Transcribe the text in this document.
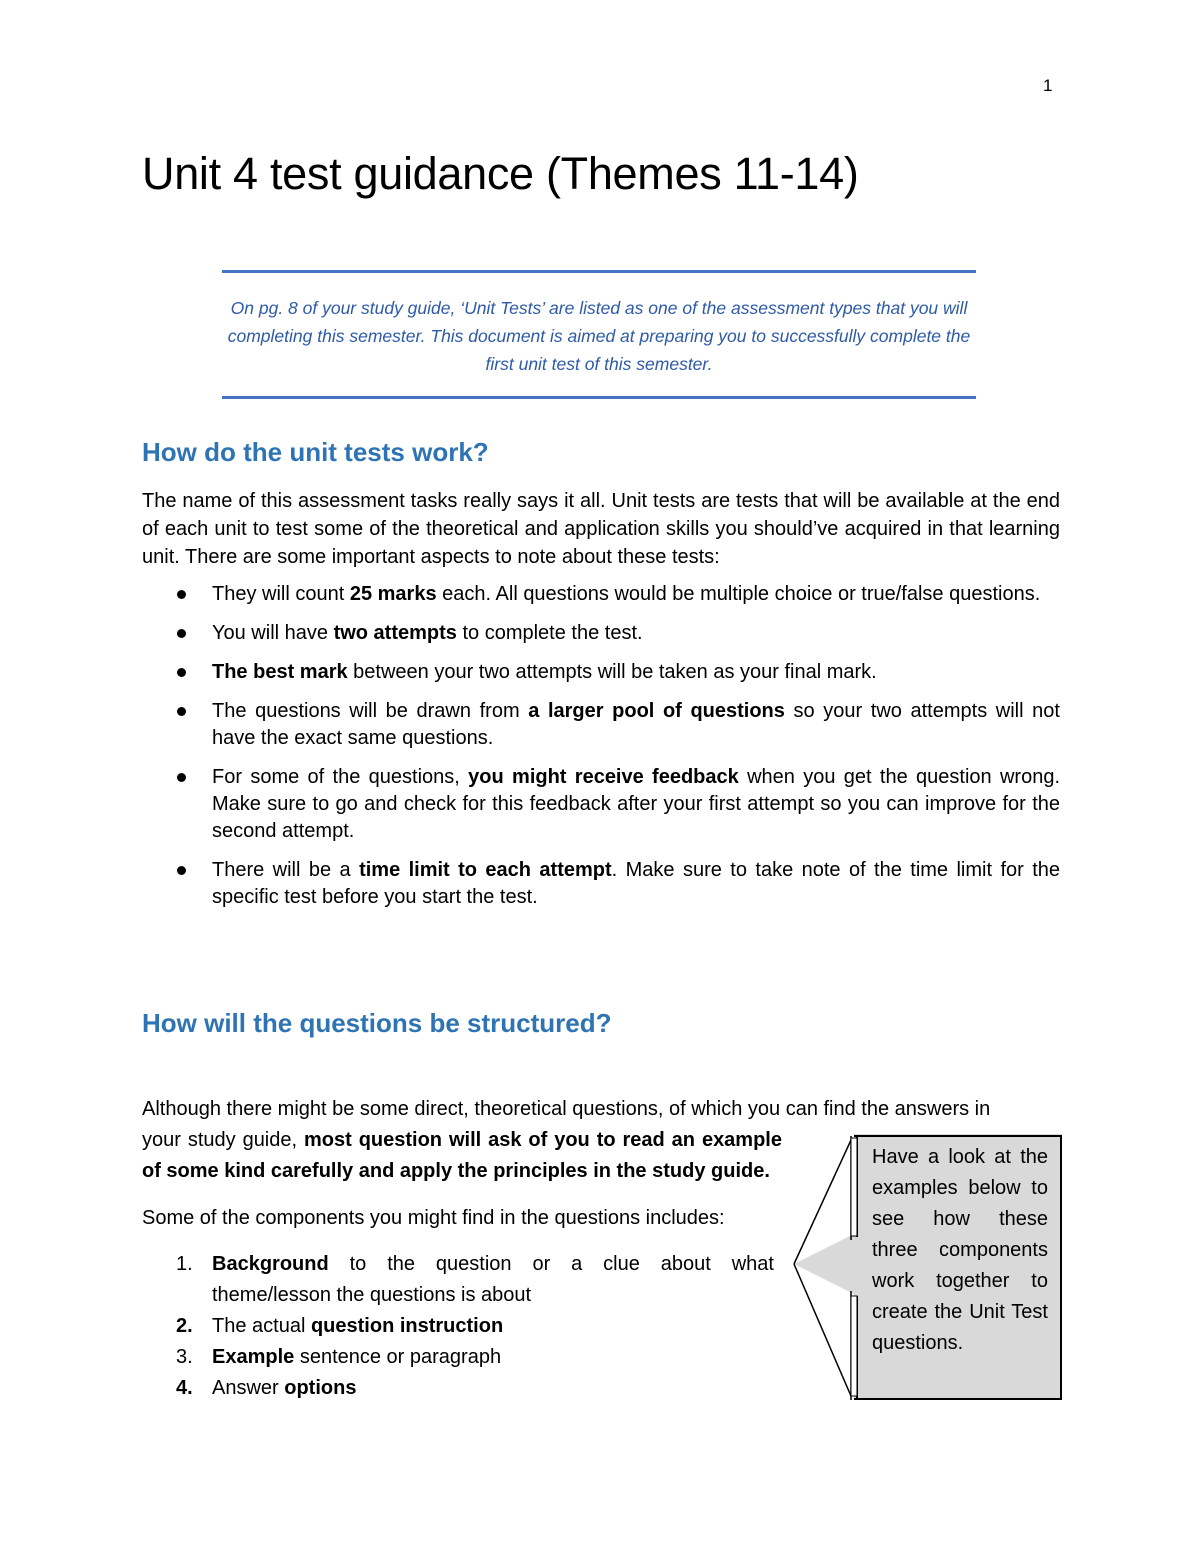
1
Unit 4 test guidance (Themes 11-14)

On pg. 8 of your study guide, ‘Unit Tests’ are listed as one of the assessment types that you will completing this semester. This document is aimed at preparing you to successfully complete the first unit test of this semester.

How do the unit tests work?

The name of this assessment tasks really says it all. Unit tests are tests that will be available at the end of each unit to test some of the theoretical and application skills you should’ve acquired in that learning unit. There are some important aspects to note about these tests:

They will count 25 marks each. All questions would be multiple choice or true/false questions.
You will have two attempts to complete the test.
The best mark between your two attempts will be taken as your final mark.
The questions will be drawn from a larger pool of questions so your two attempts will not have the exact same questions.
For some of the questions, you might receive feedback when you get the question wrong. Make sure to go and check for this feedback after your first attempt so you can improve for the second attempt.
There will be a time limit to each attempt. Make sure to take note of the time limit for the specific test before you start the test.
How will the questions be structured?

Although there might be some direct, theoretical questions, of which you can find the answers in
your study guide, most question will ask of you to read an example of some kind carefully and apply the principles in the study guide.

Some of the components you might find in the questions includes:

1. Background to the question or a clue about what theme/lesson the questions is about
2. The actual question instruction
3. Example sentence or paragraph
4. Answer options

Have a look at the examples below to see how these three components work together to create the Unit Test questions.
